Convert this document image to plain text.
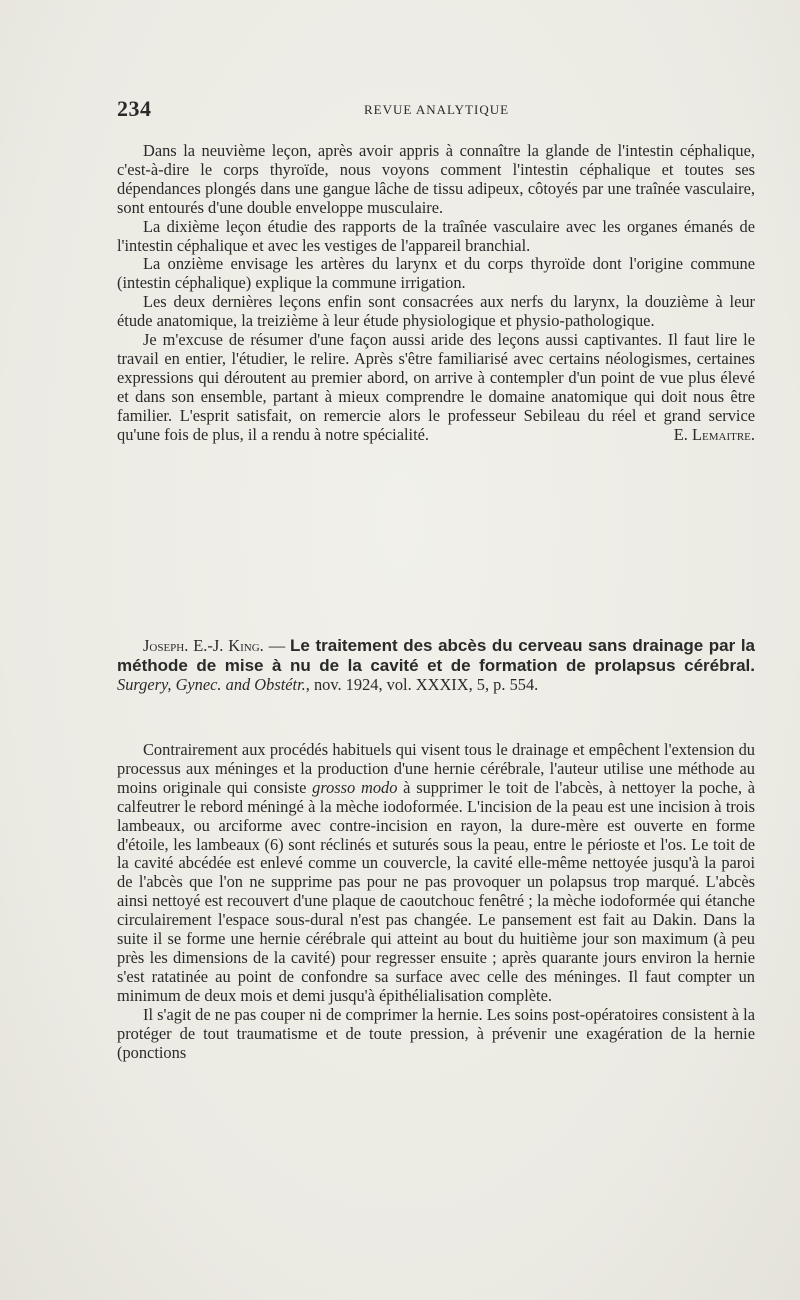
234	REVUE ANALYTIQUE

Dans la neuvième leçon, après avoir appris à connaître la glande de l'intestin céphalique, c'est-à-dire le corps thyroïde, nous voyons comment l'intestin céphalique et toutes ses dépendances plongés dans une gangue lâche de tissu adipeux, côtoyés par une traînée vasculaire, sont entourés d'une double enveloppe musculaire.

La dixième leçon étudie des rapports de la traînée vasculaire avec les organes émanés de l'intestin céphalique et avec les vestiges de l'appareil branchial.

La onzième envisage les artères du larynx et du corps thyroïde dont l'origine commune (intestin céphalique) explique la commune irrigation.

Les deux dernières leçons enfin sont consacrées aux nerfs du larynx, la douzième à leur étude anatomique, la treizième à leur étude physiologique et physio-pathologique.

Je m'excuse de résumer d'une façon aussi aride des leçons aussi captivantes. Il faut lire le travail en entier, l'étudier, le relire. Après s'être familiarisé avec certains néologismes, certaines expressions qui déroutent au premier abord, on arrive à contempler d'un point de vue plus élevé et dans son ensemble, partant à mieux comprendre le domaine anatomique qui doit nous être familier. L'esprit satisfait, on remercie alors le professeur Sebileau du réel et grand service qu'une fois de plus, il a rendu à notre spécialité.	E. Lemaitre.

Joseph. E.-J. King. — Le traitement des abcès du cerveau sans drainage par la méthode de mise à nu de la cavité et de formation de prolapsus cérébral. Surgery, Gynec. and Obstétr., nov. 1924, vol. XXXIX, 5, p. 554.

Contrairement aux procédés habituels qui visent tous le drainage et empêchent l'extension du processus aux méninges et la production d'une hernie cérébrale, l'auteur utilise une méthode au moins originale qui consiste grosso modo à supprimer le toit de l'abcès, à nettoyer la poche, à calfeutrer le rebord méningé à la mèche iodoformée. L'incision de la peau est une incision à trois lambeaux, ou arciforme avec contre-incision en rayon, la dure-mère est ouverte en forme d'étoile, les lambeaux (6) sont réclinés et suturés sous la peau, entre le périoste et l'os. Le toit de la cavité abcédée est enlevé comme un couvercle, la cavité elle-même nettoyée jusqu'à la paroi de l'abcès que l'on ne supprime pas pour ne pas provoquer un polapsus trop marqué. L'abcès ainsi nettoyé est recouvert d'une plaque de caoutchouc fenêtré ; la mèche iodoformée qui étanche circulairement l'espace sous-dural n'est pas changée. Le pansement est fait au Dakin. Dans la suite il se forme une hernie cérébrale qui atteint au bout du huitième jour son maximum (à peu près les dimensions de la cavité) pour regresser ensuite ; après quarante jours environ la hernie s'est ratatinée au point de confondre sa surface avec celle des méninges. Il faut compter un minimum de deux mois et demi jusqu'à épithélialisation complète.

Il s'agit de ne pas couper ni de comprimer la hernie. Les soins post-opératoires consistent à la protéger de tout traumatisme et de toute pression, à prévenir une exagération de la hernie (ponctions
